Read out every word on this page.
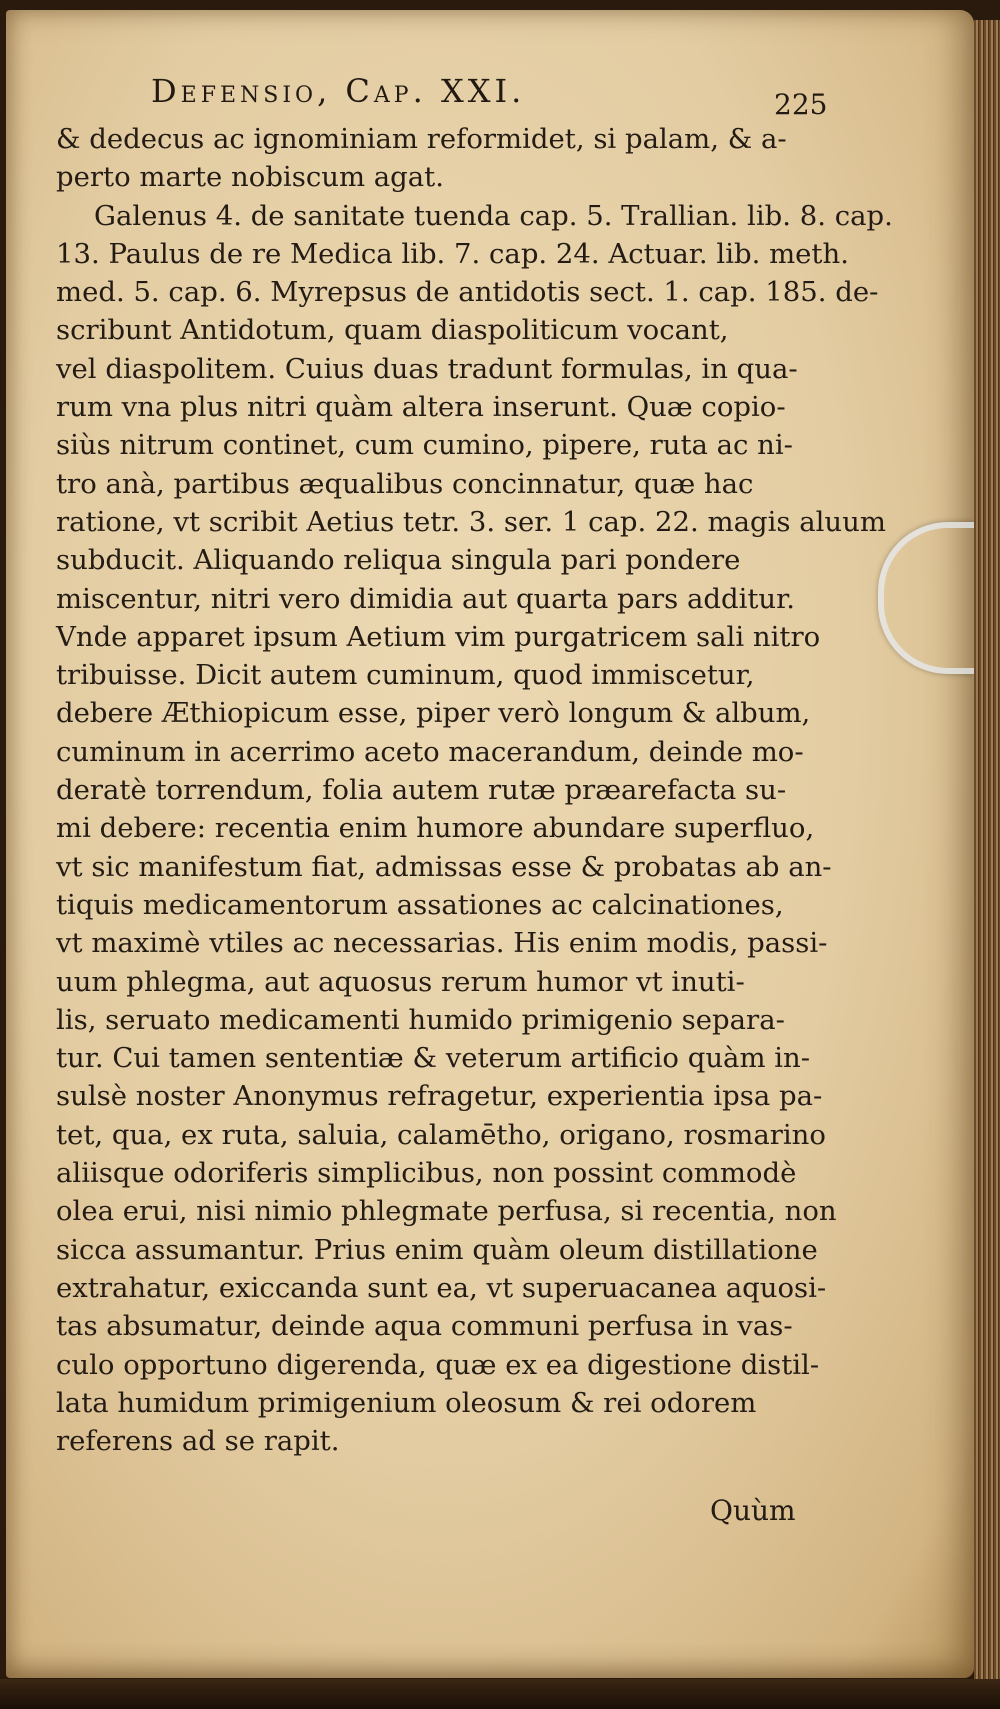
Defensio, Cap. XXI.	225
& dedecus ac ignominiam reformidet, si palam, & a-
perto marte nobiscum agat.
Galenus 4. de sanitate tuenda cap. 5. Trallian. lib. 8. cap.
13. Paulus de re Medica lib. 7. cap. 24. Actuar. lib. meth.
med. 5. cap. 6. Myrepsus de antidotis sect. 1. cap. 185. de-
scribunt Antidotum, quam diaspoliticum vocant,
vel diaspolitem. Cuius duas tradunt formulas, in qua-
rum vna plus nitri quàm altera inserunt. Quæ copio-
siùs nitrum continet, cum cumino, pipere, ruta ac ni-
tro anà, partibus æqualibus concinnatur, quæ hac
ratione, vt scribit Aetius tetr. 3. ser. 1 cap. 22. magis aluum
subducit. Aliquando reliqua singula pari pondere
miscentur, nitri vero dimidia aut quarta pars additur.
Vnde apparet ipsum Aetium vim purgatricem sali nitro
tribuisse. Dicit autem cuminum, quod immiscetur,
debere Æthiopicum esse, piper verò longum & album,
cuminum in acerrimo aceto macerandum, deinde mo-
deratè torrendum, folia autem rutæ præarefacta su-
mi debere: recentia enim humore abundare superfluo,
vt sic manifestum fiat, admissas esse & probatas ab an-
tiquis medicamentorum assationes ac calcinationes,
vt maximè vtiles ac necessarias. His enim modis, passi-
uum phlegma, aut aquosus rerum humor vt inuti-
lis, seruato medicamenti humido primigenio separa-
tur. Cui tamen sententiæ & veterum artificio quàm in-
sulsè noster Anonymus refragetur, experientia ipsa pa-
tet, qua, ex ruta, saluia, calamētho, origano, rosmarino
aliisque odoriferis simplicibus, non possint commodè
olea erui, nisi nimio phlegmate perfusa, si recentia, non
sicca assumantur. Prius enim quàm oleum distillatione
extrahatur, exiccanda sunt ea, vt superuacanea aquosi-
tas absumatur, deinde aqua communi perfusa in vas-
culo opportuno digerenda, quæ ex ea digestione distil-
lata humidum primigenium oleosum & rei odorem
referens ad se rapit.
Quùm
